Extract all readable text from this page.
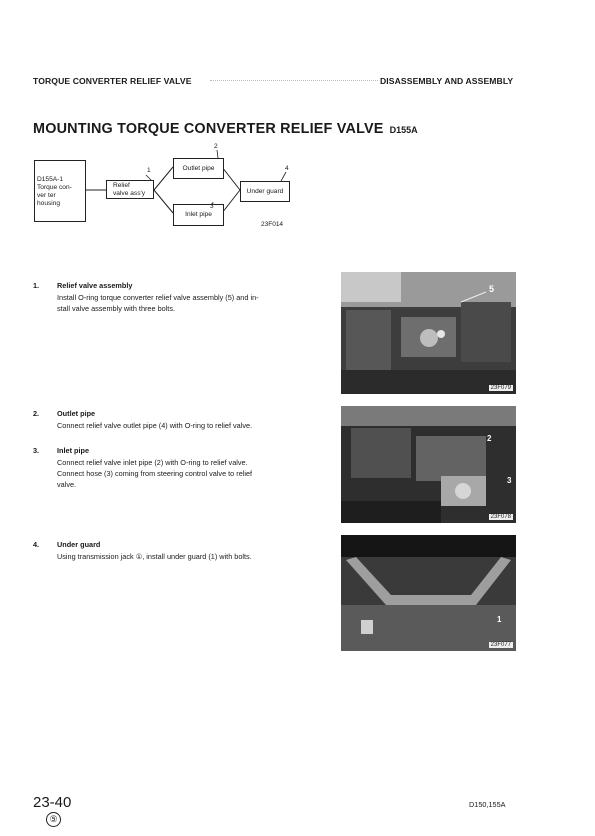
TORQUE CONVERTER RELIEF VALVE	DISASSEMBLY AND ASSEMBLY
MOUNTING TORQUE CONVERTER RELIEF VALVE D155A
D155A-1
Torque con-
ver ter
housing
Relief
valve ass'y
Outlet pipe
Inlet pipe
Under guard
1
2
3
4
23F014
1. Relief valve assembly
Install O-ring torque converter relief valve assembly (5) and in-
stall valve assembly with three bolts.
2. Outlet pipe
Connect relief valve outlet pipe (4) with O-ring to relief valve.
3. Inlet pipe
Connect relief valve inlet pipe (2) with O-ring to relief valve.
Connect hose (3) coming from steering control valve to relief
valve.
4. Under guard
Using transmission jack ①, install under guard (1) with bolts.
5
23F079
2
3
23F078
1
23F077
23-40
⑤
D150,155A
